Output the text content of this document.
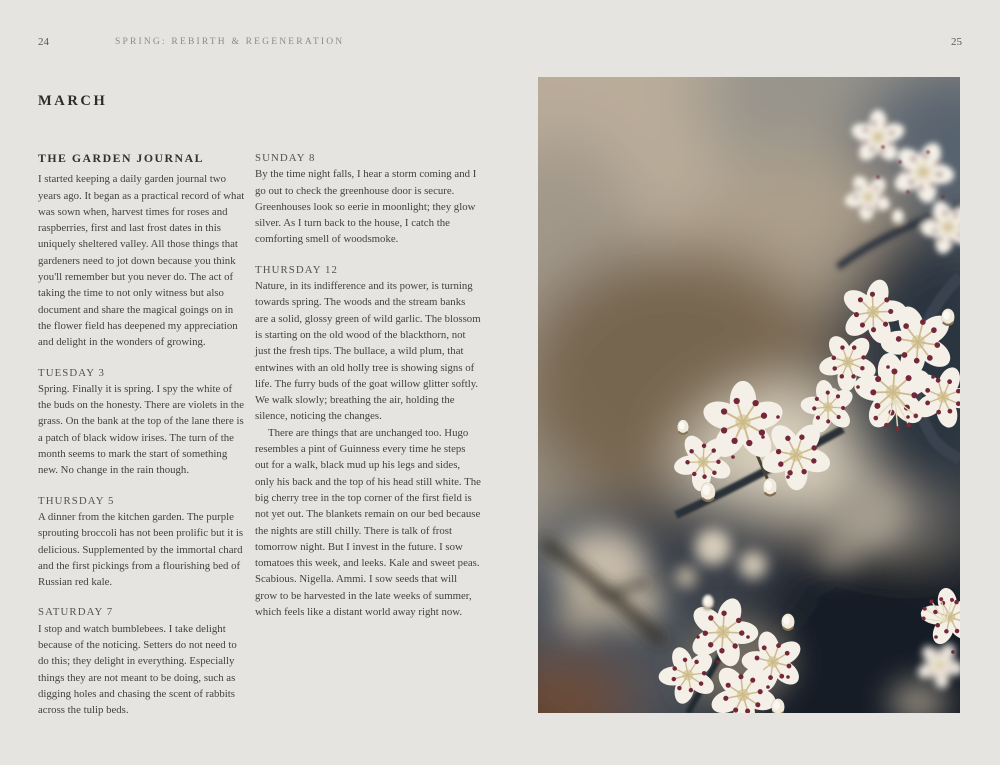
24	SPRING: REBIRTH & REGENERATION	25
MARCH
THE GARDEN JOURNAL

I started keeping a daily garden journal two years ago. It began as a practical record of what was sown when, harvest times for roses and raspberries, first and last frost dates in this uniquely sheltered valley. All those things that gardeners need to jot down because you think you'll remember but you never do. The act of taking the time to not only witness but also document and share the magical goings on in the flower field has deepened my appreciation and delight in the wonders of growing.

TUESDAY 3

Spring. Finally it is spring. I spy the white of the buds on the honesty. There are violets in the grass. On the bank at the top of the lane there is a patch of black widow irises. The turn of the month seems to mark the start of something new. No change in the rain though.

THURSDAY 5

A dinner from the kitchen garden. The purple sprouting broccoli has not been prolific but it is delicious. Supplemented by the immortal chard and the first pickings from a flourishing bed of Russian red kale.

SATURDAY 7

I stop and watch bumblebees. I take delight because of the noticing. Setters do not need to do this; they delight in everything. Especially things they are not meant to be doing, such as digging holes and chasing the scent of rabbits across the tulip beds.

SUNDAY 8

By the time night falls, I hear a storm coming and I go out to check the greenhouse door is secure. Greenhouses look so eerie in moonlight; they glow silver. As I turn back to the house, I catch the comforting smell of woodsmoke.

THURSDAY 12

Nature, in its indifference and its power, is turning towards spring. The woods and the stream banks are a solid, glossy green of wild garlic. The blossom is starting on the old wood of the blackthorn, not just the fresh tips. The bullace, a wild plum, that entwines with an old holly tree is showing signs of life. The furry buds of the goat willow glitter softly. We walk slowly; breathing the air, holding the silence, noticing the changes.

There are things that are unchanged too. Hugo resembles a pint of Guinness every time he steps out for a walk, black mud up his legs and sides, only his back and the top of his head still white. The big cherry tree in the top corner of the first field is not yet out. The blankets remain on our bed because the nights are still chilly. There is talk of frost tomorrow night. But I invest in the future. I sow tomatoes this week, and leeks. Kale and sweet peas. Scabious. Nigella. Ammi. I sow seeds that will grow to be harvested in the late weeks of summer, which feels like a distant world away right now.
